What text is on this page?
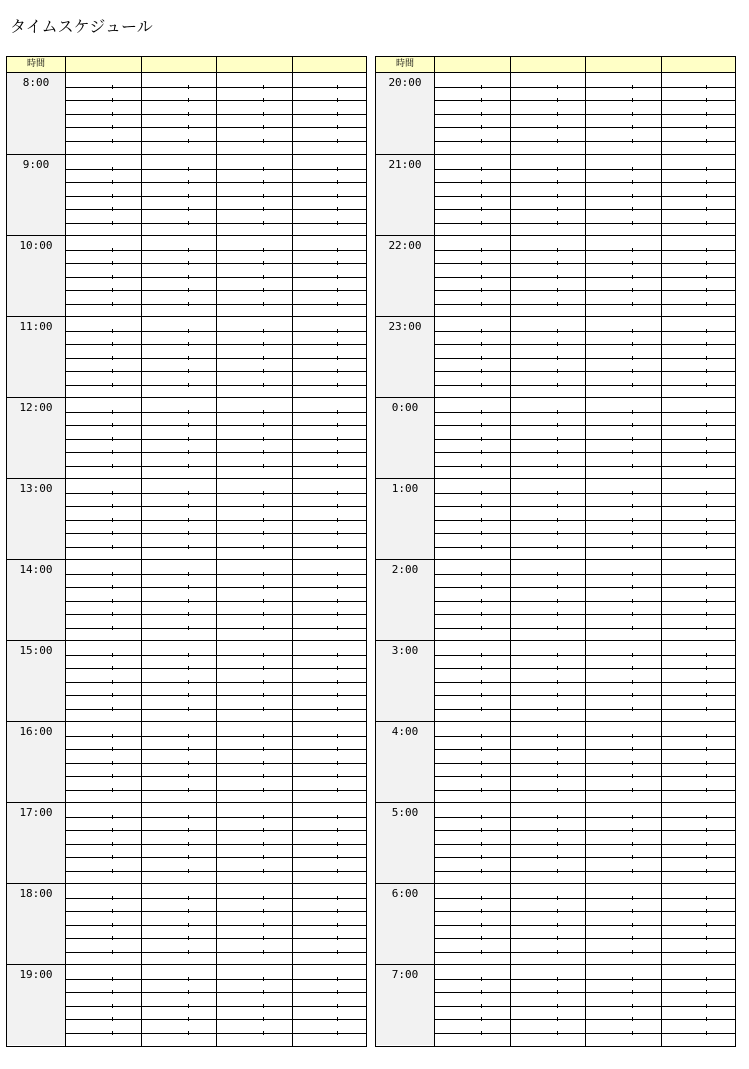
タイムスケジュール
時間
8:00
9:00
10:00
11:00
12:00
13:00
14:00
15:00
16:00
17:00
18:00
19:00
時間
20:00
21:00
22:00
23:00
0:00
1:00
2:00
3:00
4:00
5:00
6:00
7:00
